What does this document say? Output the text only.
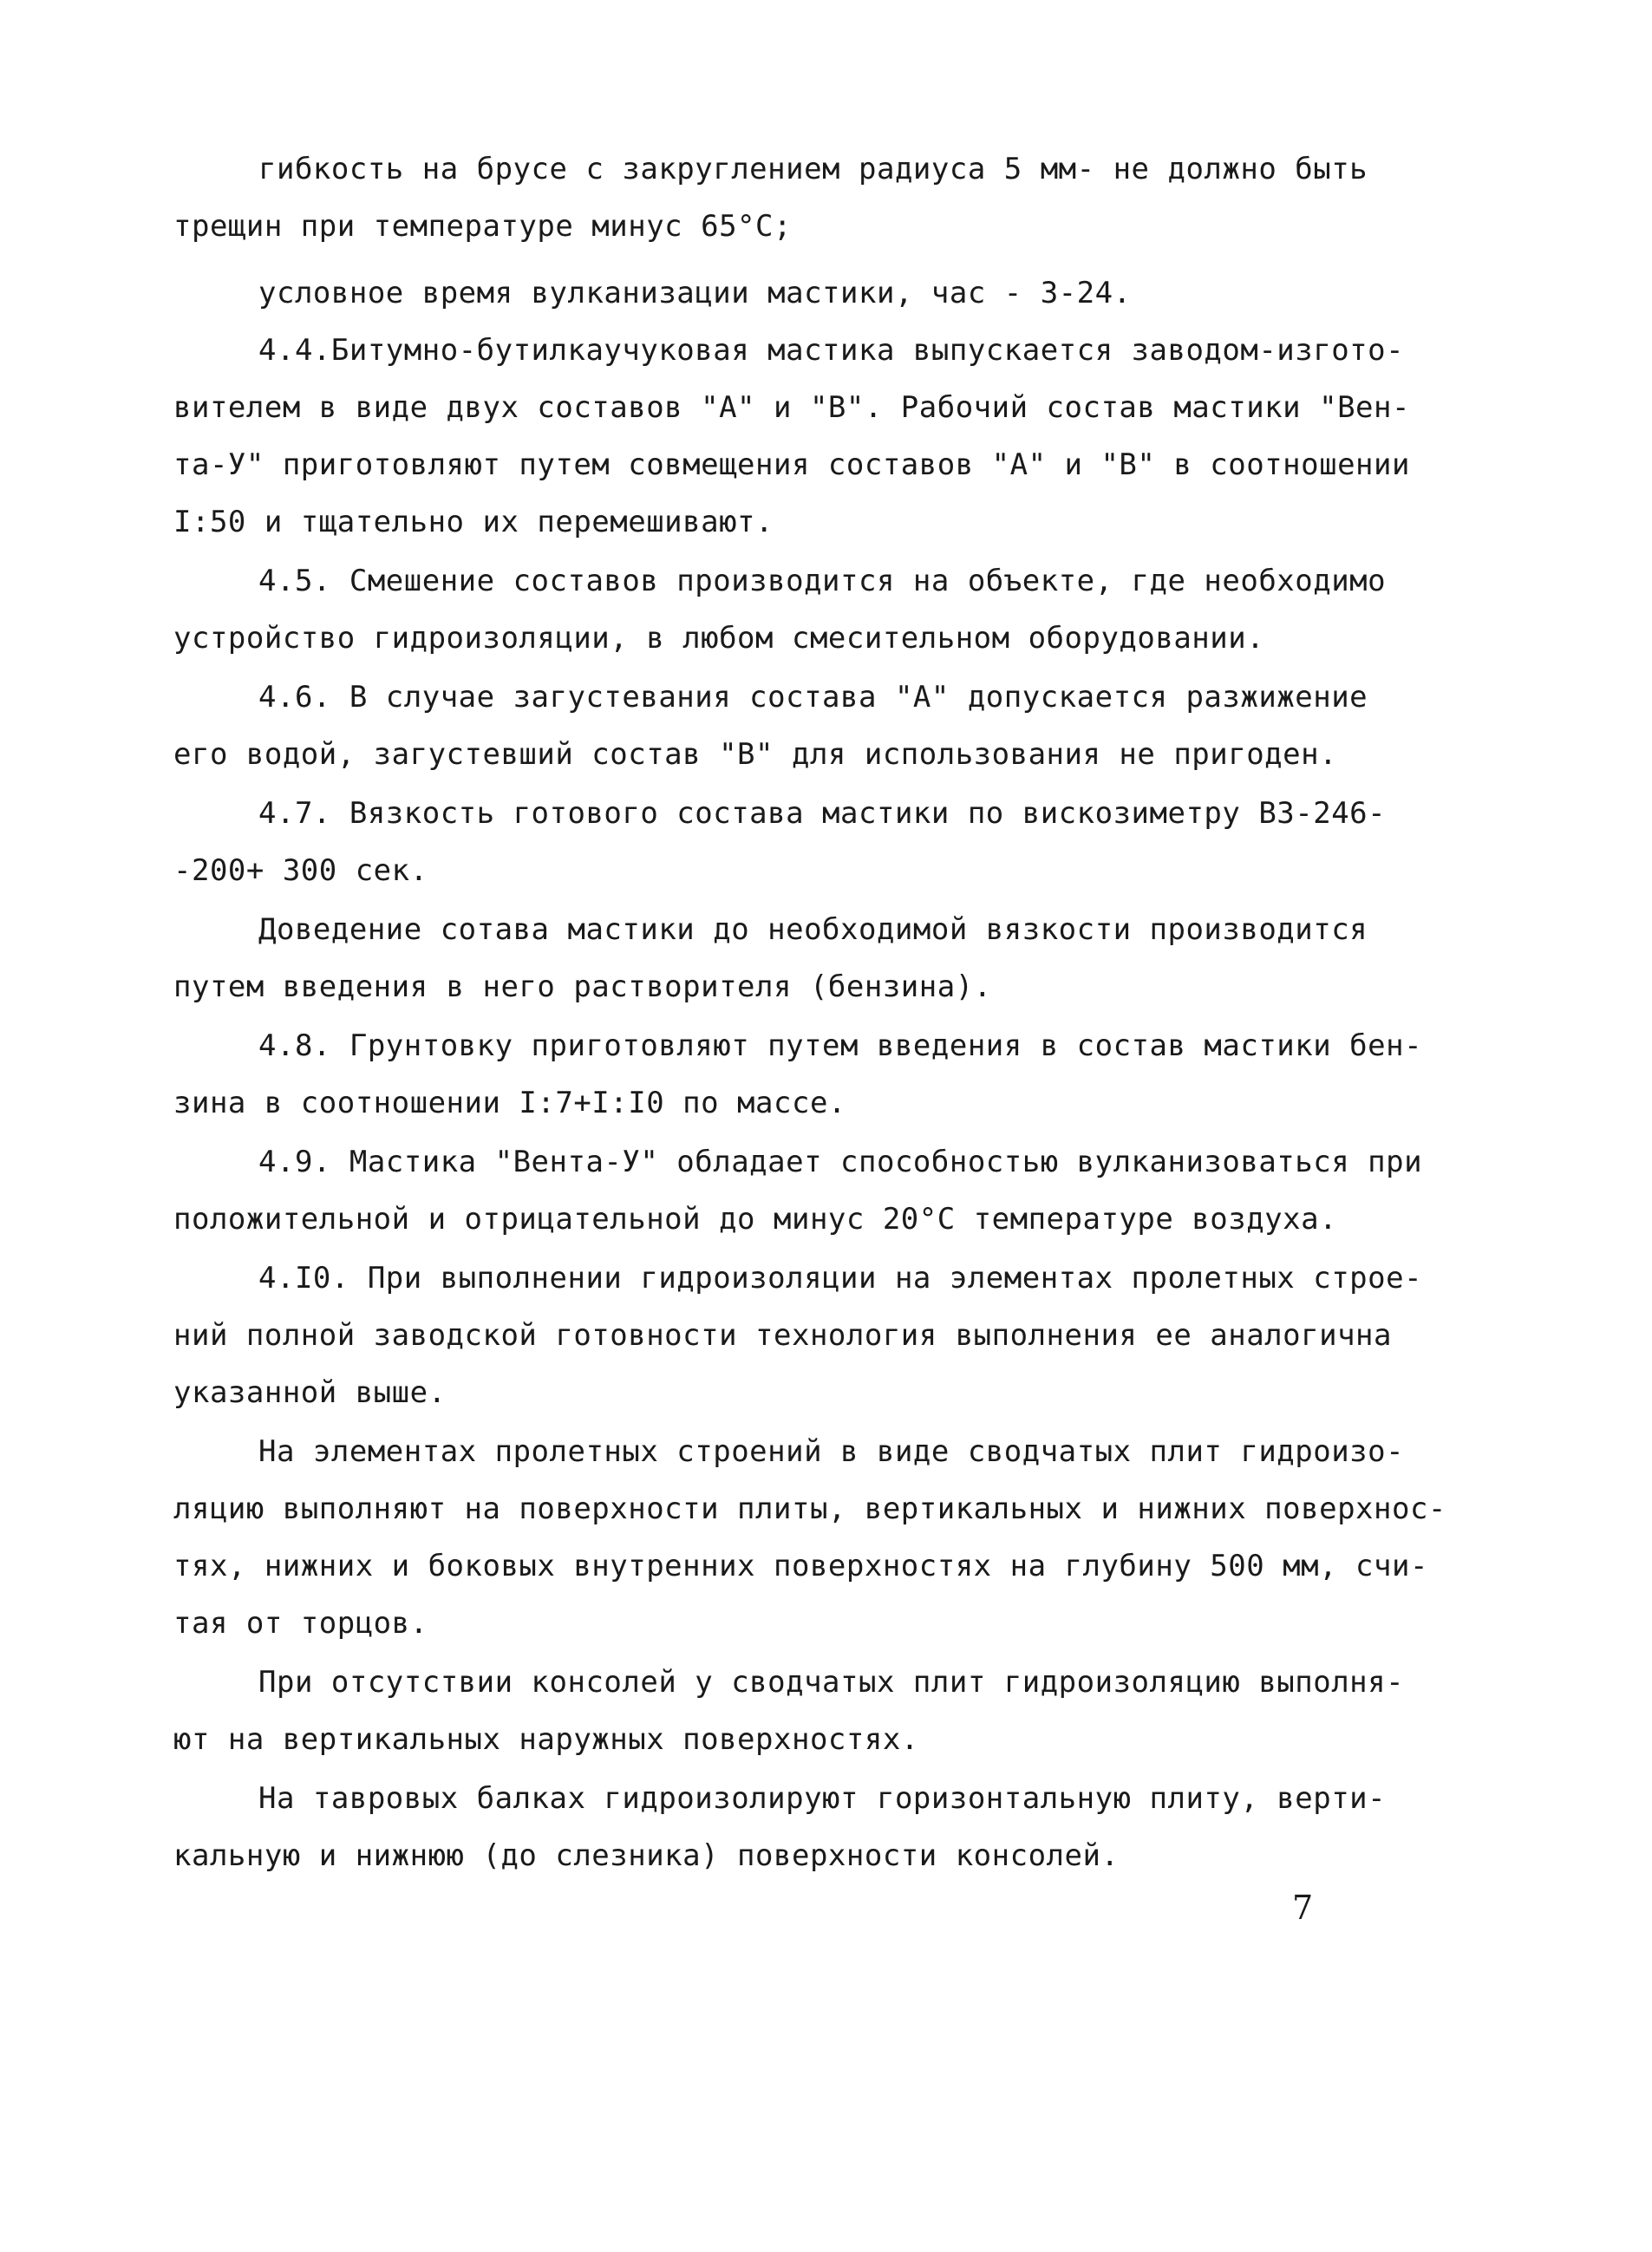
гибкость на брусе с закруглением радиуса 5 мм- не должно быть
трещин при температуре минус 65°С;
условное время вулканизации мастики, час - 3-24.
4.4.Битумно-бутилкаучуковая мастика выпускается заводом-изгото-
вителем в виде двух составов "А" и "В". Рабочий состав мастики "Вен-
та-У" приготовляют путем совмещения составов "А" и "В" в соотношении
I:50 и тщательно их перемешивают.
4.5. Смешение составов производится на объекте, где необходимо
устройство гидроизоляции, в любом смесительном оборудовании.
4.6. В случае загустевания состава "А" допускается разжижение
его водой, загустевший состав "В" для использования не пригоден.
4.7. Вязкость готового состава мастики по вискозиметру ВЗ-246-
-200+ 300 сек.
Доведение сотава мастики до необходимой вязкости производится
путем введения в него растворителя (бензина).
4.8. Грунтовку приготовляют путем введения в состав мастики бен-
зина в соотношении I:7+I:I0 по массе.
4.9. Мастика "Вента-У" обладает способностью вулканизоваться при
положительной и отрицательной до минус 20°С температуре воздуха.
4.I0. При выполнении гидроизоляции на элементах пролетных строе-
ний полной заводской готовности технология выполнения ее аналогична
указанной выше.
На элементах пролетных строений в виде сводчатых плит гидроизо-
ляцию выполняют на поверхности плиты, вертикальных и нижних поверхнос-
тях, нижних и боковых внутренних поверхностях на глубину 500 мм, счи-
тая от торцов.
При отсутствии консолей у сводчатых плит гидроизоляцию выполня-
ют на вертикальных наружных поверхностях.
На тавровых балках гидроизолируют горизонтальную плиту, верти-
кальную и нижнюю (до слезника) поверхности консолей.
7
